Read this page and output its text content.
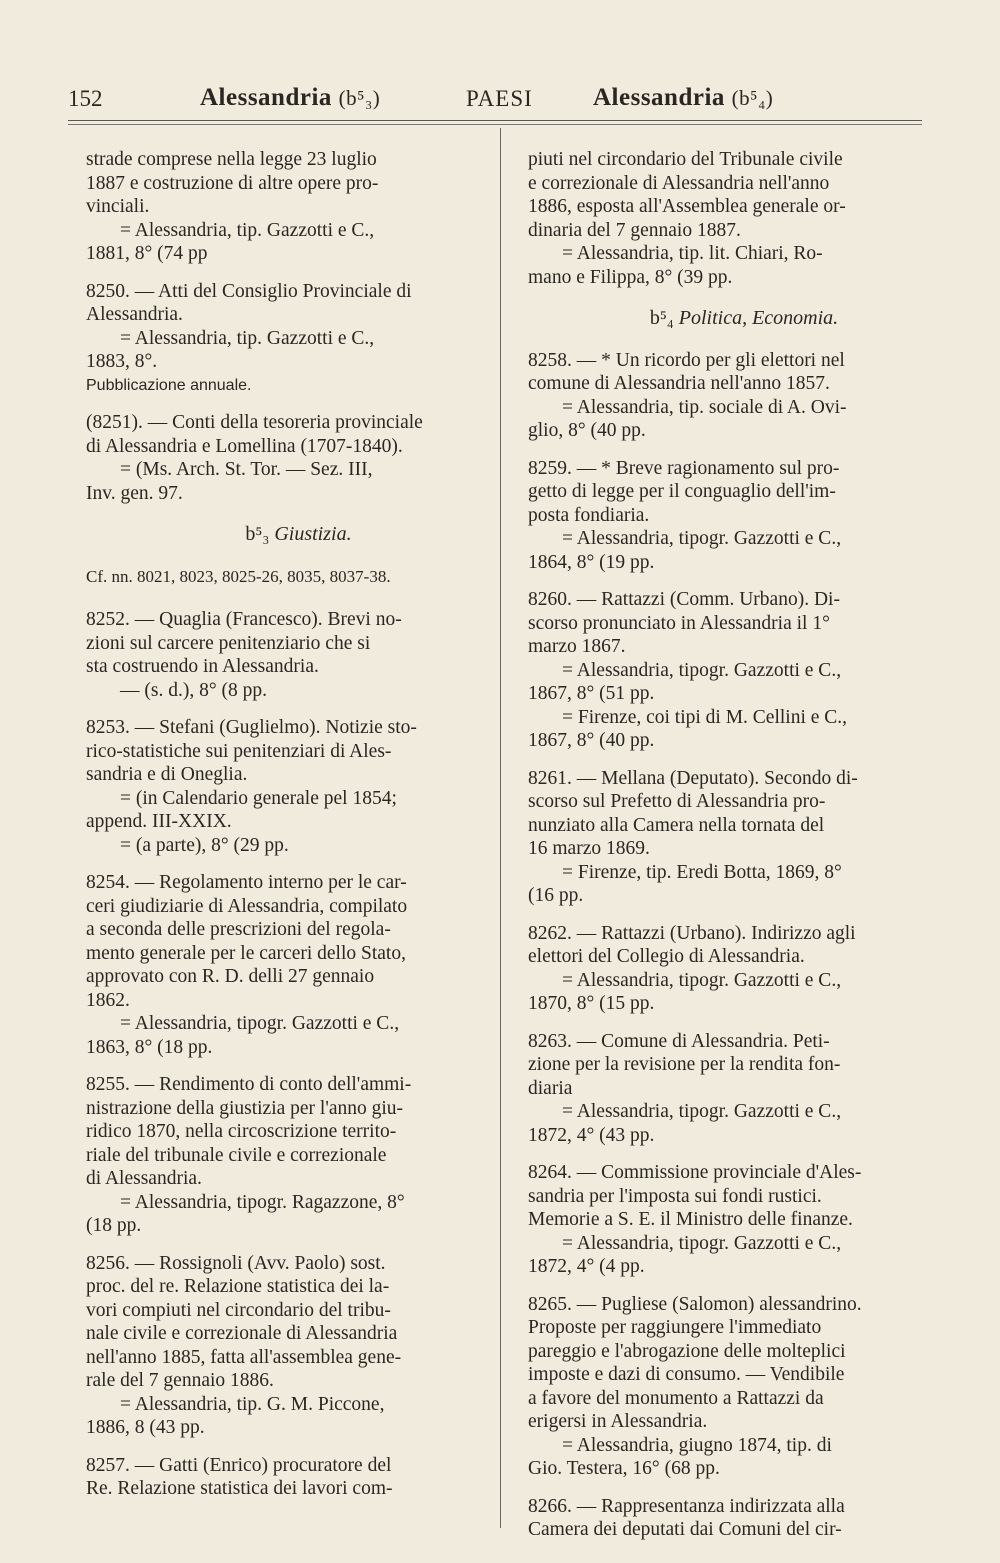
152	Alessandria (b⁵₃)	PAESI Alessandria (b⁵₄)

strade comprese nella legge 23 luglio

1887 e costruzione di altre opere pro-

vinciali.

= Alessandria, tip. Gazzotti e C.,

1881, 8° (74 pp

8250. — Atti del Consiglio Provinciale di

Alessandria.

= Alessandria, tip. Gazzotti e C.,

1883, 8°.

Pubblicazione annuale.

(8251). — Conti della tesoreria provinciale

di Alessandria e Lomellina (1707-1840).

= (Ms. Arch. St. Tor. — Sez. III,

Inv. gen. 97.

b⁵₃ Giustizia.

Cf. nn. 8021, 8023, 8025-26, 8035, 8037-38.

8252. — Quaglia (Francesco). Brevi no-

zioni sul carcere penitenziario che si

sta costruendo in Alessandria.

— (s. d.), 8° (8 pp.

8253. — Stefani (Guglielmo). Notizie sto-

rico-statistiche sui penitenziari di Ales-

sandria e di Oneglia.

= (in Calendario generale pel 1854;

append. III-XXIX.

= (a parte), 8° (29 pp.

8254. — Regolamento interno per le car-

ceri giudiziarie di Alessandria, compilato

a seconda delle prescrizioni del regola-

mento generale per le carceri dello Stato,

approvato con R. D. delli 27 gennaio

1862.

= Alessandria, tipogr. Gazzotti e C.,

1863, 8° (18 pp.

8255. — Rendimento di conto dell'ammi-

nistrazione della giustizia per l'anno giu-

ridico 1870, nella circoscrizione territo-

riale del tribunale civile e correzionale

di Alessandria.

= Alessandria, tipogr. Ragazzone, 8°

(18 pp.

8256. — Rossignoli (Avv. Paolo) sost.

proc. del re. Relazione statistica dei la-

vori compiuti nel circondario del tribu-

nale civile e correzionale di Alessandria

nell'anno 1885, fatta all'assemblea gene-

rale del 7 gennaio 1886.

= Alessandria, tip. G. M. Piccone,

1886, 8 (43 pp.

8257. — Gatti (Enrico) procuratore del

Re. Relazione statistica dei lavori com-

piuti nel circondario del Tribunale civile

e correzionale di Alessandria nell'anno

1886, esposta all'Assemblea generale or-

dinaria del 7 gennaio 1887.

= Alessandria, tip. lit. Chiari, Ro-

mano e Filippa, 8° (39 pp.

b⁵₄ Politica, Economia.

8258. — * Un ricordo per gli elettori nel

comune di Alessandria nell'anno 1857.

= Alessandria, tip. sociale di A. Ovi-

glio, 8° (40 pp.

8259. — * Breve ragionamento sul pro-

getto di legge per il conguaglio dell'im-

posta fondiaria.

= Alessandria, tipogr. Gazzotti e C.,

1864, 8° (19 pp.

8260. — Rattazzi (Comm. Urbano). Di-

scorso pronunciato in Alessandria il 1°

marzo 1867.

= Alessandria, tipogr. Gazzotti e C.,

1867, 8° (51 pp.

= Firenze, coi tipi di M. Cellini e C.,

1867, 8° (40 pp.

8261. — Mellana (Deputato). Secondo di-

scorso sul Prefetto di Alessandria pro-

nunziato alla Camera nella tornata del

16 marzo 1869.

= Firenze, tip. Eredi Botta, 1869, 8°

(16 pp.

8262. — Rattazzi (Urbano). Indirizzo agli

elettori del Collegio di Alessandria.

= Alessandria, tipogr. Gazzotti e C.,

1870, 8° (15 pp.

8263. — Comune di Alessandria. Peti-

zione per la revisione per la rendita fon-

diaria

= Alessandria, tipogr. Gazzotti e C.,

1872, 4° (43 pp.

8264. — Commissione provinciale d'Ales-

sandria per l'imposta sui fondi rustici.

Memorie a S. E. il Ministro delle finanze.

= Alessandria, tipogr. Gazzotti e C.,

1872, 4° (4 pp.

8265. — Pugliese (Salomon) alessandrino.

Proposte per raggiungere l'immediato

pareggio e l'abrogazione delle molteplici

imposte e dazi di consumo. — Vendibile

a favore del monumento a Rattazzi da

erigersi in Alessandria.

= Alessandria, giugno 1874, tip. di

Gio. Testera, 16° (68 pp.

8266. — Rappresentanza indirizzata alla

Camera dei deputati dai Comuni del cir-
